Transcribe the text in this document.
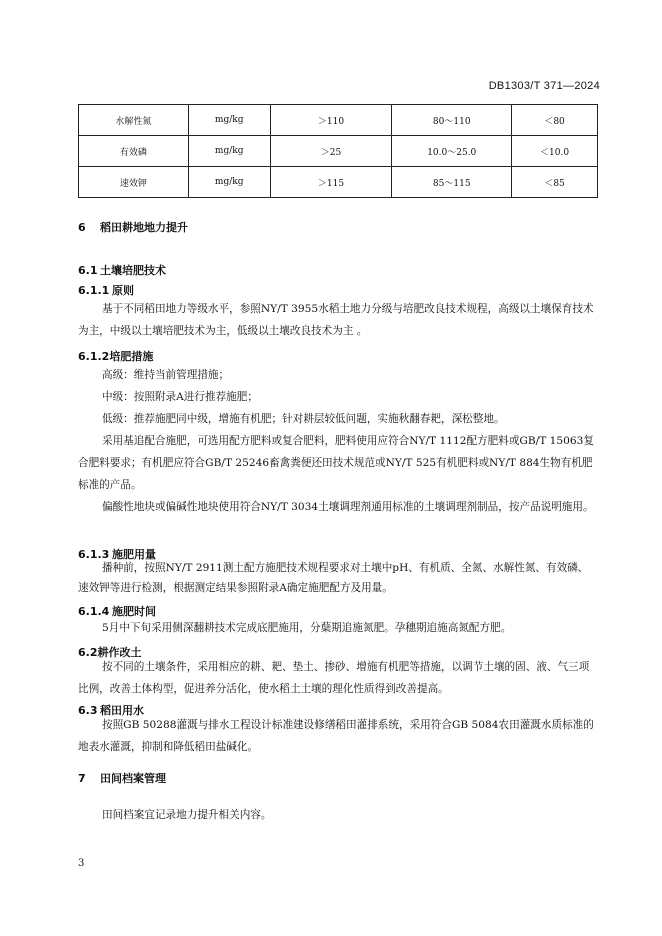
DB1303/T 371—2024
水解性氮	mg/kg	＞110	80～110	＜80
有效磷	mg/kg	＞25	10.0～25.0	＜10.0
速效钾	mg/kg	＞115	85～115	＜85
6 稻田耕地地力提升
6.1 土壤培肥技术
6.1.1 原则
基于不同稻田地力等级水平，参照NY/T 3955水稻土地力分级与培肥改良技术规程，高级以土壤保育技术为主，中级以土壤培肥技术为主，低级以土壤改良技术为主 。
6.1.2培肥措施
高级：维持当前管理措施；
中级：按照附录A进行推荐施肥；
低级：推荐施肥同中级，增施有机肥；针对耕层较低问题，实施秋翻春耙，深松整地。
采用基追配合施肥，可选用配方肥料或复合肥料，肥料使用应符合NY/T 1112配方肥料或GB/T 15063复合肥料要求；有机肥应符合GB/T 25246畜禽粪便还田技术规范或NY/T 525有机肥料或NY/T 884生物有机肥标准的产品。
偏酸性地块或偏碱性地块使用符合NY/T 3034土壤调理剂通用标准的土壤调理剂制品，按产品说明施用。
6.1.3 施肥用量
播种前，按照NY/T 2911测土配方施肥技术规程要求对土壤中pH、有机质、全氮、水解性氮、有效磷、速效钾等进行检测，根据测定结果参照附录A确定施肥配方及用量。
6.1.4 施肥时间
5月中下旬采用侧深翻耕技术完成底肥施用，分蘖期追施氮肥。孕穗期追施高氮配方肥。
6.2耕作改土
按不同的土壤条件，采用相应的耕、耙、垫土、掺砂、增施有机肥等措施，以调节土壤的固、液、气三项比例，改善土体构型，促进养分活化，使水稻土土壤的理化性质得到改善提高。
6.3 稻田用水
按照GB 50288灌溉与排水工程设计标准建设修缮稻田灌排系统，采用符合GB 5084农田灌溉水质标准的地表水灌溉，抑制和降低稻田盐碱化。
7 田间档案管理
田间档案宜记录地力提升相关内容。
3
